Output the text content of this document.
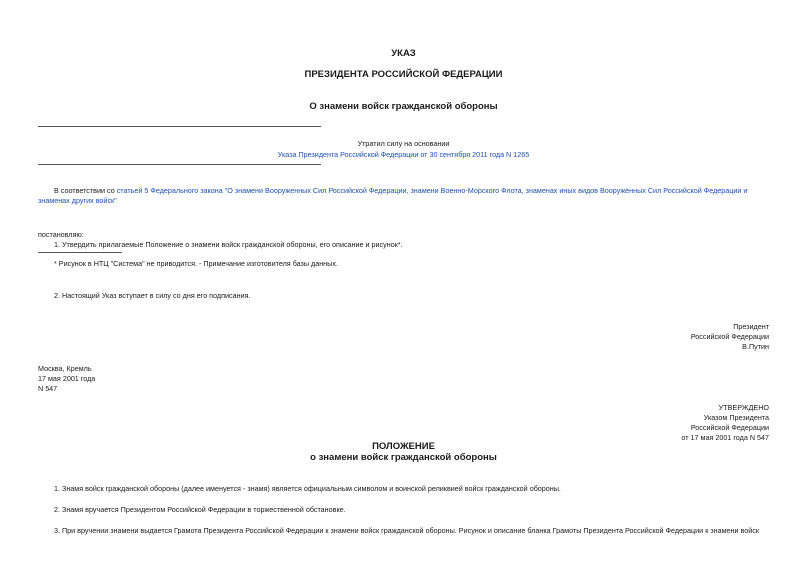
УКАЗ
ПРЕЗИДЕНТА РОССИЙСКОЙ ФЕДЕРАЦИИ
О знамени войск гражданской обороны
Утратил силу на основании
Указа Президента Российской Федерации от 30 сентября 2011 года N 1265
В соответствии со статьей 5 Федерального закона "О знамени Вооруженных Сил Российской Федерации, знамени Военно-Морского Флота, знаменах иных видов Вооруженных Сил Российской Федерации и
знаменах других войск"
постановляю:
1. Утвердить прилагаемые Положение о знамени войск гражданской обороны, его описание и рисунок*.
* Рисунок в НТЦ "Система" не приводится. - Примечание изготовителя базы данных.
2. Настоящий Указ вступает в силу со дня его подписания.
Президент
Российской Федерации
В.Путин
Москва, Кремль
17 мая 2001 года
N 547
УТВЕРЖДЕНО
Указом Президента
Российской Федерации
от 17 мая 2001 года N 547
ПОЛОЖЕНИЕ
о знамени войск гражданской обороны
1. Знамя войск гражданской обороны (далее именуется - знамя) является официальным символом и воинской реликвией войск гражданской обороны.
2. Знамя вручается Президентом Российской Федерации в торжественной обстановке.
3. При вручении знамени выдается Грамота Президента Российской Федерации к знамени войск гражданской обороны. Рисунок и описание бланка Грамоты Президента Российской Федерации к знамени войск
